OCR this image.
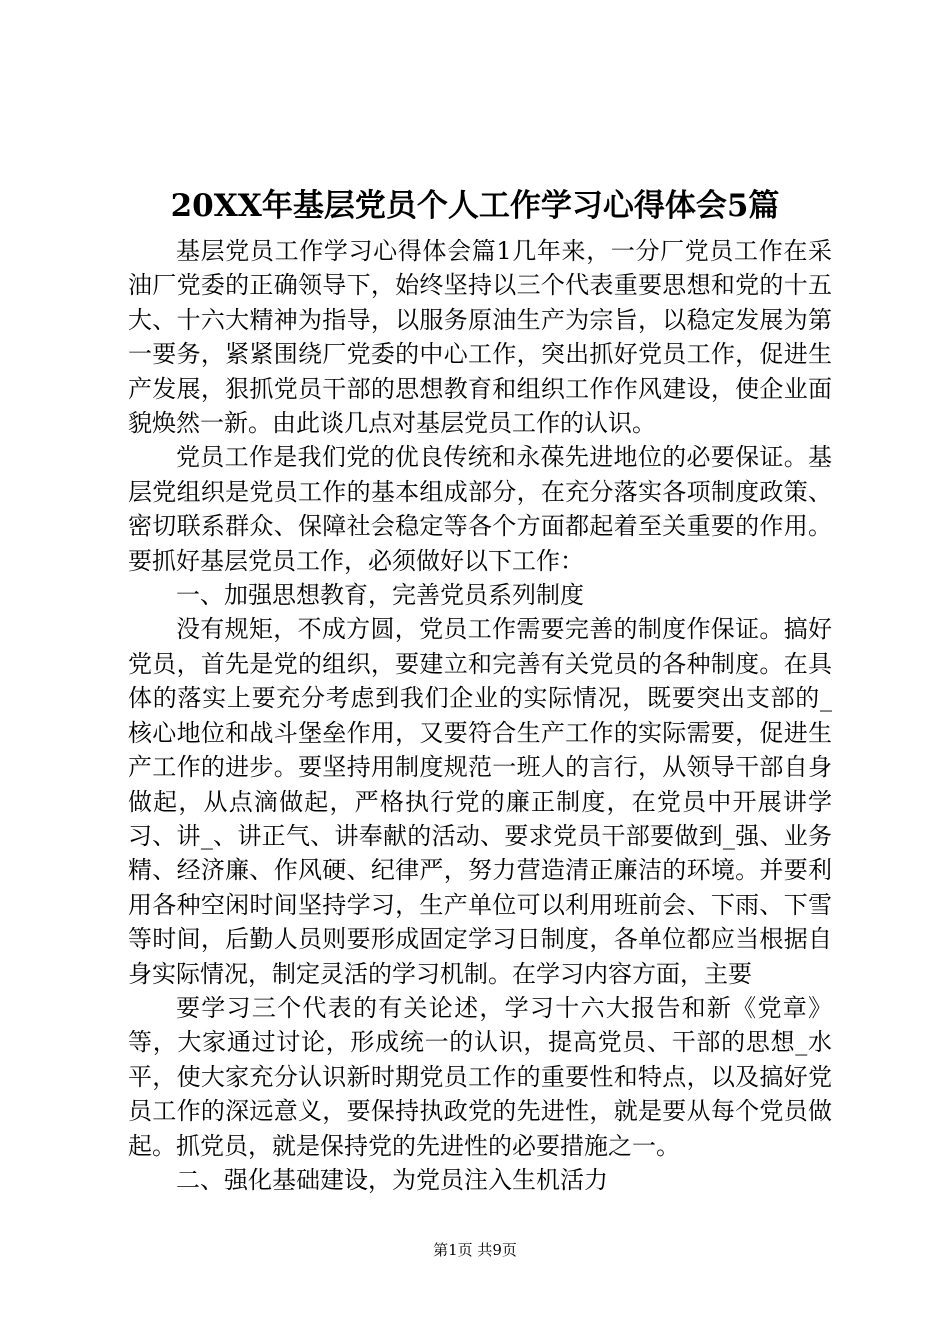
20XX年基层党员个人工作学习心得体会5篇

基层党员工作学习心得体会篇1几年来，一分厂党员工作在采油厂党委的正确领导下，始终坚持以三个代表重要思想和党的十五大、十六大精神为指导，以服务原油生产为宗旨，以稳定发展为第一要务，紧紧围绕厂党委的中心工作，突出抓好党员工作，促进生产发展，狠抓党员干部的思想教育和组织工作作风建设，使企业面貌焕然一新。由此谈几点对基层党员工作的认识。

党员工作是我们党的优良传统和永葆先进地位的必要保证。基层党组织是党员工作的基本组成部分，在充分落实各项制度政策、密切联系群众、保障社会稳定等各个方面都起着至关重要的作用。要抓好基层党员工作，必须做好以下工作：

一、加强思想教育，完善党员系列制度

没有规矩，不成方圆，党员工作需要完善的制度作保证。搞好党员，首先是党的组织，要建立和完善有关党员的各种制度。在具体的落实上要充分考虑到我们企业的实际情况，既要突出支部的_核心地位和战斗堡垒作用，又要符合生产工作的实际需要，促进生产工作的进步。要坚持用制度规范一班人的言行，从领导干部自身做起，从点滴做起，严格执行党的廉正制度，在党员中开展讲学习、讲_、讲正气、讲奉献的活动、要求党员干部要做到_强、业务精、经济廉、作风硬、纪律严，努力营造清正廉洁的环境。并要利用各种空闲时间坚持学习，生产单位可以利用班前会、下雨、下雪等时间，后勤人员则要形成固定学习日制度，各单位都应当根据自身实际情况，制定灵活的学习机制。在学习内容方面，主要

要学习三个代表的有关论述，学习十六大报告和新《党章》等，大家通过讨论，形成统一的认识，提高党员、干部的思想_水平，使大家充分认识新时期党员工作的重要性和特点，以及搞好党员工作的深远意义，要保持执政党的先进性，就是要从每个党员做起。抓党员，就是保持党的先进性的必要措施之一。

二、强化基础建设，为党员注入生机活力

第1页 共9页
